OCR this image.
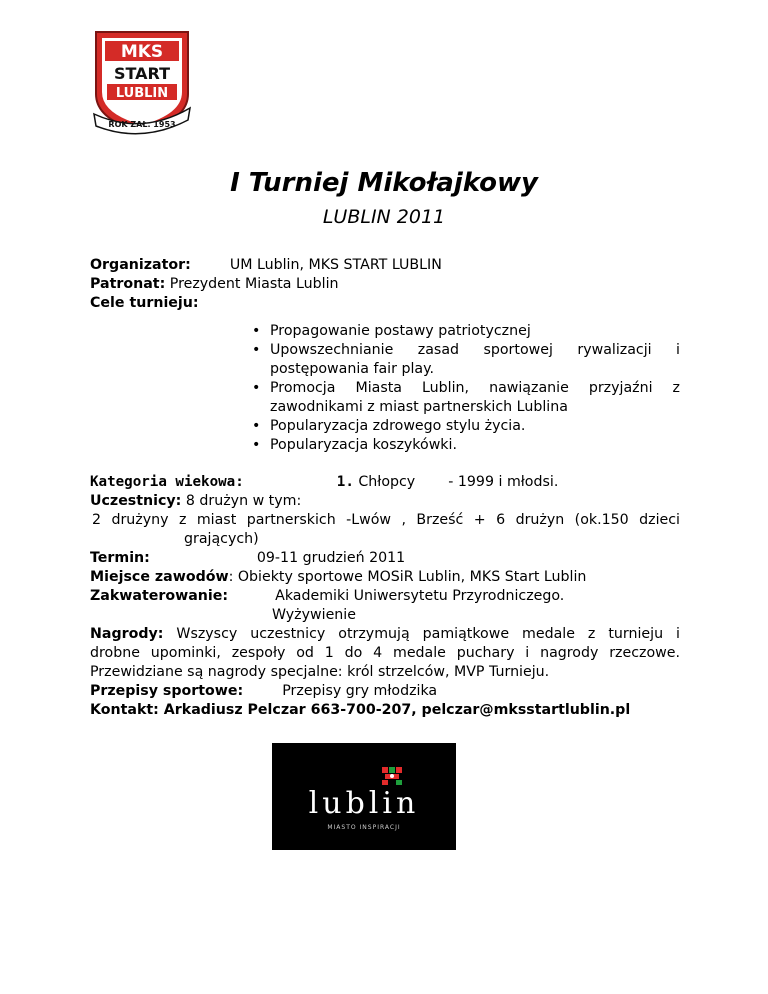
MKS
START
LUBLIN
ROK ZAŁ. 1953
I Turniej Mikołajkowy
LUBLIN 2011
Organizator:	UM Lublin, MKS START LUBLIN
Patronat: Prezydent Miasta Lublin
Cele turnieju:
• Propagowanie postawy patriotycznej
• Upowszechnianie zasad sportowej rywalizacji i postępowania fair play.
• Promocja Miasta Lublin, nawiązanie przyjaźni z zawodnikami z miast partnerskich Lublina
• Popularyzacja zdrowego stylu życia.
• Popularyzacja koszykówki.
Kategoria wiekowa:	1. Chłopcy - 1999 i młodsi.
Uczestnicy: 8 drużyn w tym:
2 drużyny z miast partnerskich -Lwów , Brześć + 6 drużyn (ok.150 dzieci
grających)
Termin:	09-11 grudzień 2011
Miejsce zawodów: Obiekty sportowe MOSiR Lublin, MKS Start Lublin
Zakwaterowanie:	Akademiki Uniwersytetu Przyrodniczego.
Wyżywienie
Nagrody: Wszyscy uczestnicy otrzymują pamiątkowe medale z turnieju i
drobne upominki, zespoły od 1 do 4 medale puchary i nagrody rzeczowe.
Przewidziane są nagrody specjalne: król strzelców, MVP Turnieju.
Przepisy sportowe:	Przepisy gry młodzika
Kontakt: Arkadiusz Pelczar 663-700-207, pelczar@mksstartlublin.pl
lublin
MIASTO INSPIRACJI
